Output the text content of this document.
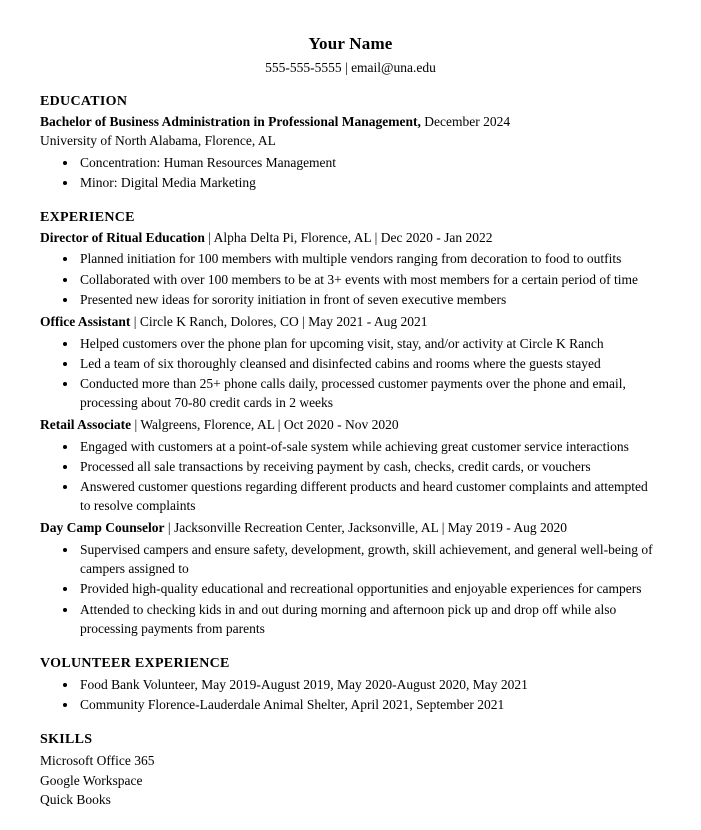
Your Name
555-555-5555 | email@una.edu
EDUCATION

Bachelor of Business Administration in Professional Management, December 2024

University of North Alabama, Florence, AL

• Concentration: Human Resources Management
• Minor: Digital Media Marketing
EXPERIENCE

Director of Ritual Education | Alpha Delta Pi, Florence, AL | Dec 2020 - Jan 2022

• Planned initiation for 100 members with multiple vendors ranging from decoration to food to outfits
• Collaborated with over 100 members to be at 3+ events with most members for a certain period of time
• Presented new ideas for sorority initiation in front of seven executive members

Office Assistant | Circle K Ranch, Dolores, CO | May 2021 - Aug 2021

• Helped customers over the phone plan for upcoming visit, stay, and/or activity at Circle K Ranch
• Led a team of six thoroughly cleansed and disinfected cabins and rooms where the guests stayed
• Conducted more than 25+ phone calls daily, processed customer payments over the phone and email, processing about 70-80 credit cards in 2 weeks

Retail Associate | Walgreens, Florence, AL | Oct 2020 - Nov 2020

• Engaged with customers at a point-of-sale system while achieving great customer service interactions
• Processed all sale transactions by receiving payment by cash, checks, credit cards, or vouchers
• Answered customer questions regarding different products and heard customer complaints and attempted to resolve complaints

Day Camp Counselor | Jacksonville Recreation Center, Jacksonville, AL | May 2019 - Aug 2020

• Supervised campers and ensure safety, development, growth, skill achievement, and general well-being of campers assigned to
• Provided high-quality educational and recreational opportunities and enjoyable experiences for campers
• Attended to checking kids in and out during morning and afternoon pick up and drop off while also processing payments from parents
VOLUNTEER EXPERIENCE
• Food Bank Volunteer, May 2019-August 2019, May 2020-August 2020, May 2021
• Community Florence-Lauderdale Animal Shelter, April 2021, September 2021
SKILLS

Microsoft Office 365

Google Workspace

Quick Books
